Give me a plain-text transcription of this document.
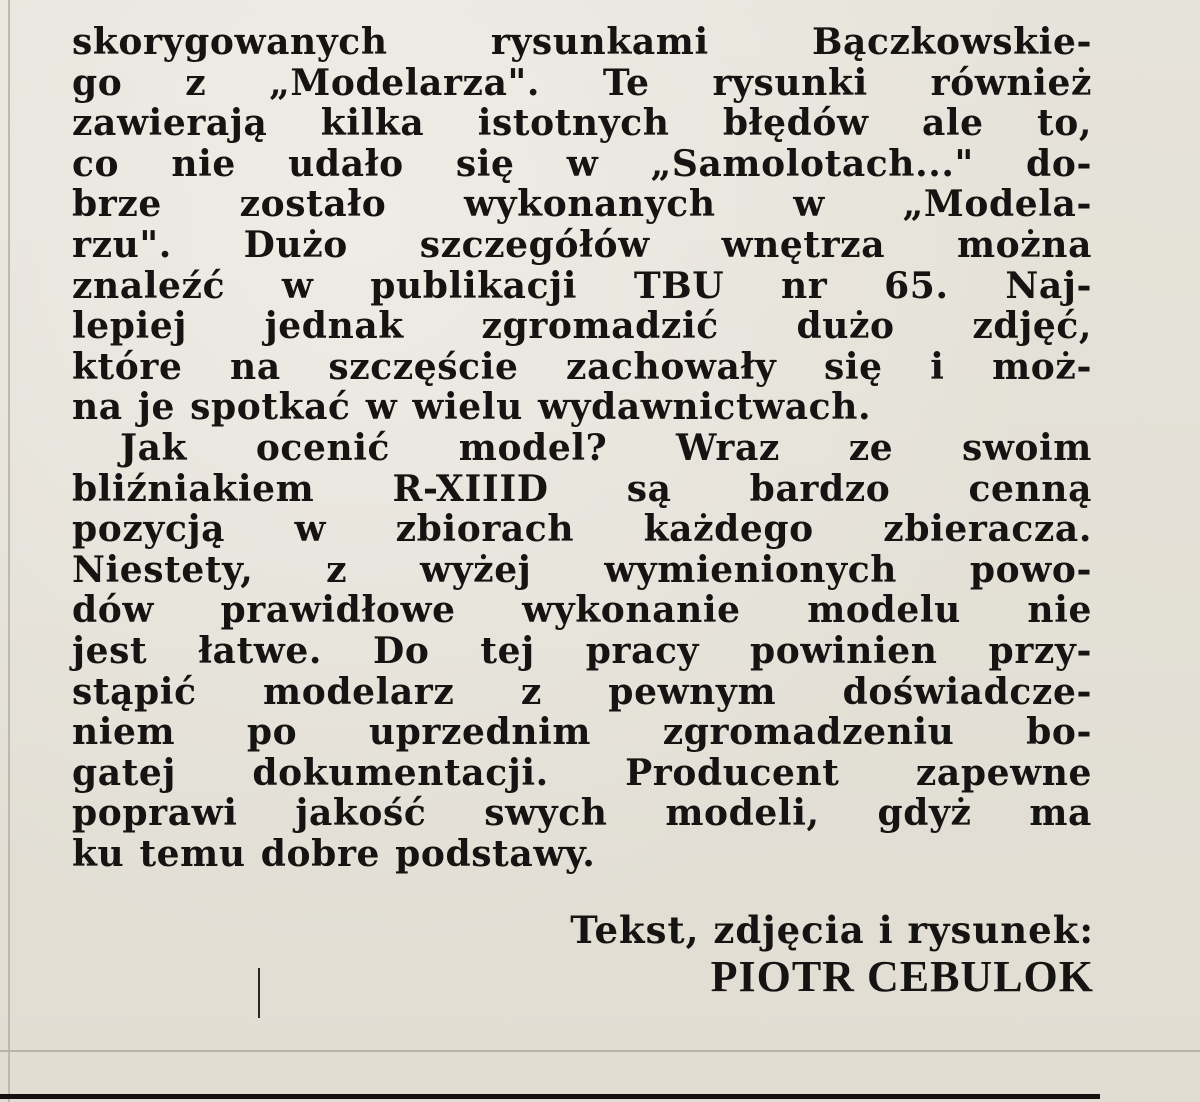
skorygowanych rysunkami Bączkowskie-
go z „Modelarza". Te rysunki również
zawierają kilka istotnych błędów ale to,
co nie udało się w „Samolotach..." do-
brze zostało wykonanych w „Modela-
rzu". Dużo szczegółów wnętrza można
znaleźć w publikacji TBU nr 65. Naj-
lepiej jednak zgromadzić dużo zdjęć,
które na szczęście zachowały się i moż-
na je spotkać w wielu wydawnictwach.
Jak ocenić model? Wraz ze swoim
bliźniakiem R-XIIID są bardzo cenną
pozycją w zbiorach każdego zbieracza.
Niestety, z wyżej wymienionych powo-
dów prawidłowe wykonanie modelu nie
jest łatwe. Do tej pracy powinien przy-
stąpić modelarz z pewnym doświadcze-
niem po uprzednim zgromadzeniu bo-
gatej dokumentacji. Producent zapewne
poprawi jakość swych modeli, gdyż ma
ku temu dobre podstawy.
Tekst, zdjęcia i rysunek:
PIOTR CEBULOK
